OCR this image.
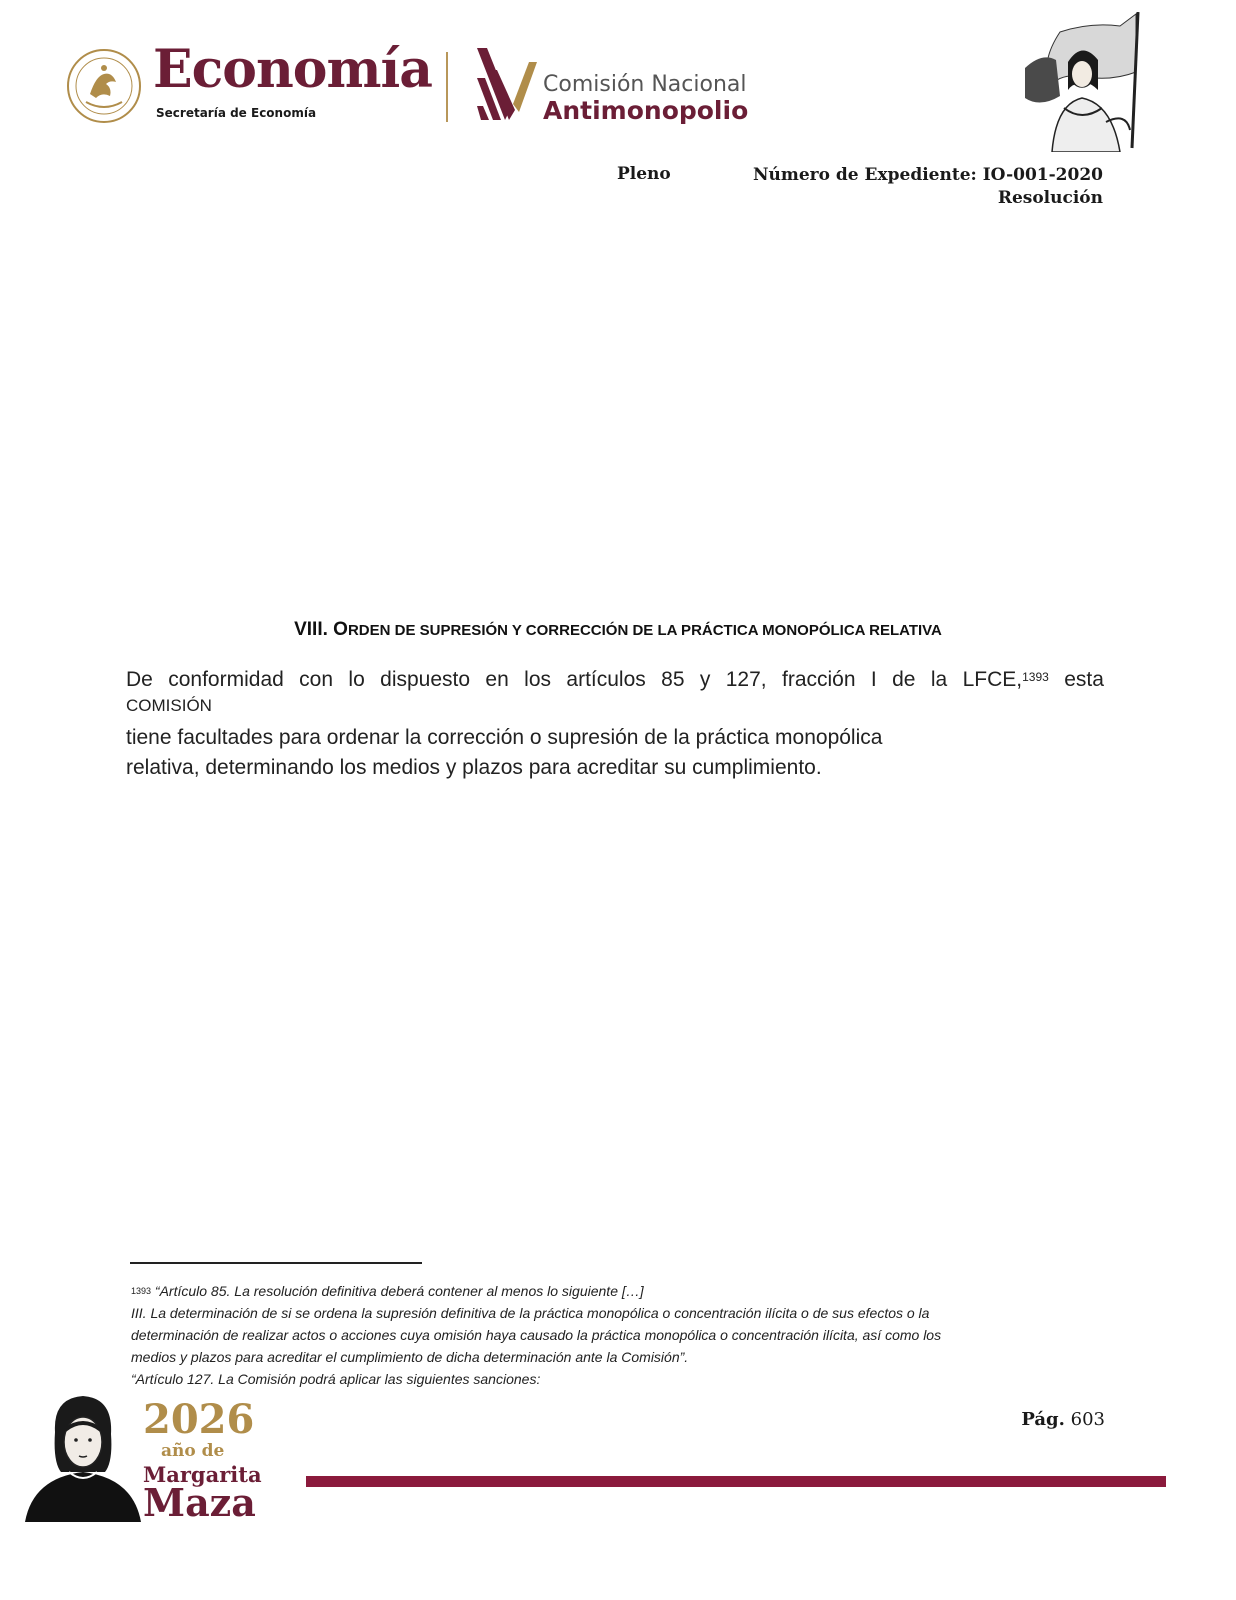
Economía
Secretaría de Economía
Comisión Nacional
Antimonopolio
Pleno	Número de Expediente: IO-001-2020
Resolución
VIII. ORDEN DE SUPRESIÓN Y CORRECCIÓN DE LA PRÁCTICA MONOPÓLICA RELATIVA
De conformidad con lo dispuesto en los artículos 85 y 127, fracción I de la LFCE,$^{1393}$ esta
COMISIÓN
tiene facultades para ordenar la corrección o supresión de la práctica monopólica
relativa, determinando los medios y plazos para acreditar su cumplimiento.
$^{1393}$ “Artículo 85. La resolución definitiva deberá contener al menos lo siguiente […]
III. La determinación de si se ordena la supresión definitiva de la práctica monopólica o concentración ilícita o de sus efectos o la
determinación de realizar actos o acciones cuya omisión haya causado la práctica monopólica o concentración ilícita, así como los
medios y plazos para acreditar el cumplimiento de dicha determinación ante la Comisión”.
“Artículo 127. La Comisión podrá aplicar las siguientes sanciones:
2026
año de
Margarita
Maza
Pág. 603
